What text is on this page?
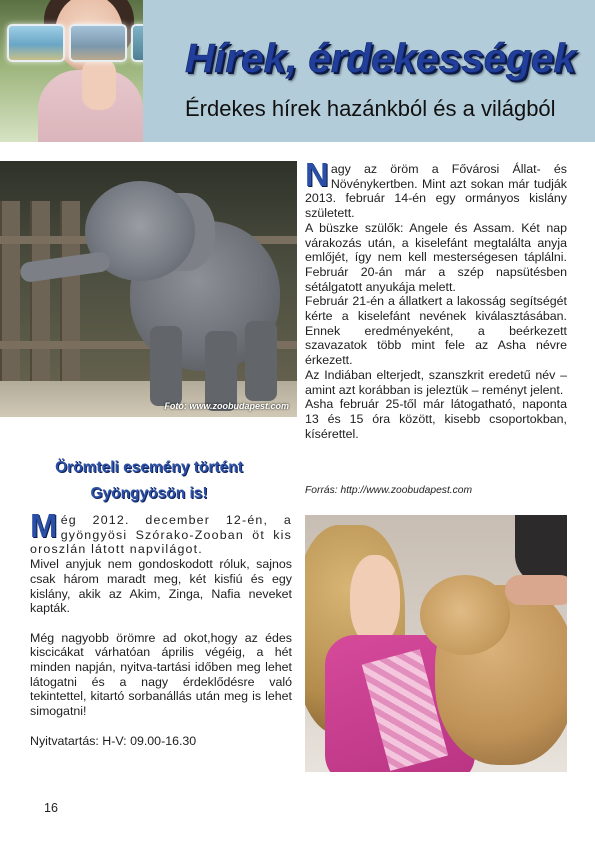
Hírek, érdekességek
Érdekes hírek hazánkból és a világból
Fotó: www.zoobudapest.com

Nagy az öröm a Fővárosi Állat- és Növénykertben. Mint azt sokan már tudják 2013. február 14-én egy ormányos kislány született.

A büszke szülők: Angele és Assam. Két nap várakozás után, a kiselefánt megtalálta anyja emlőjét, így nem kell mesterségesen táplálni. Február 20-án már a szép napsütésben sétálgatott anyukája melett.

Február 21-én a állatkert a lakosság segítségét kérte a kiselefánt nevének kiválasztásában. Ennek eredményeként, a beérkezett szavazatok több mint fele az Asha névre érkezett.

Az Indiában elterjedt, szanszkrit eredetű név – amint azt korábban is jeleztük – reményt jelent.

Asha február 25-től már látogatható, naponta 13 és 15 óra között, kisebb csoportokban, kísérettel.

Forrás: http://www.zoobudapest.com

Örömteli esemény történt
Gyöngyösön is!

Még 2012. december 12-én, a gyöngyösi Szórako-Zooban öt kis oroszlán látott napvilágot.

Mivel anyjuk nem gondoskodott róluk, sajnos csak három maradt meg, két kisfiú és egy kislány, akik az Akim, Zinga, Nafia neveket kapták.

Még nagyobb örömre ad okot,hogy az édes kiscicákat várhatóan április végéig, a hét minden napján, nyitva-tartási időben meg lehet látogatni és a nagy érdeklődésre való tekintettel, kitartó sorbanállás után meg is lehet simogatni!

Nyitvatartás: H-V: 09.00-16.30

16
